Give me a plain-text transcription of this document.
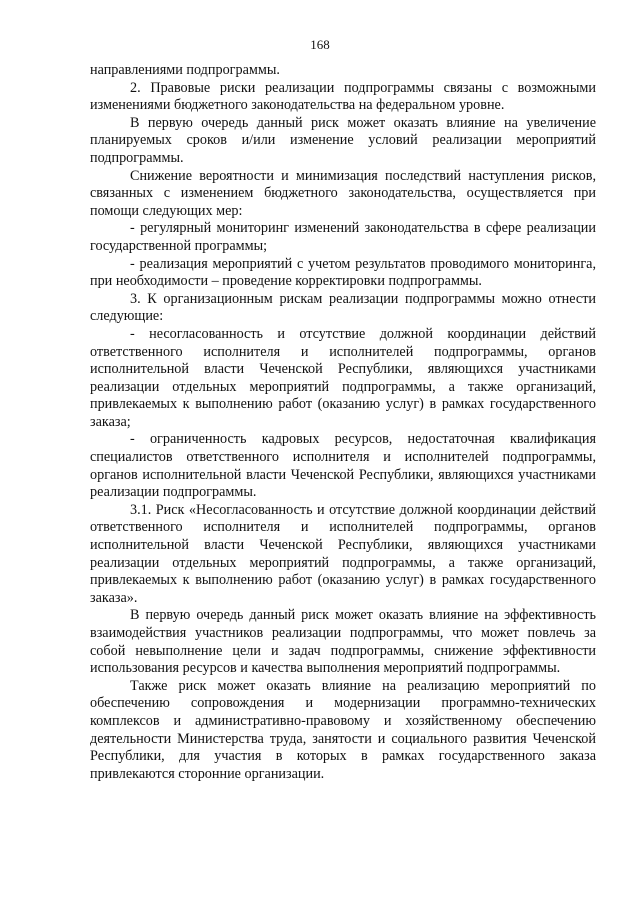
168

направлениями подпрограммы.

2. Правовые риски реализации подпрограммы связаны с возможными изменениями бюджетного законодательства на федеральном уровне.

В первую очередь данный риск может оказать влияние на увеличение планируемых сроков и/или изменение условий реализации мероприятий подпрограммы.

Снижение вероятности и минимизация последствий наступления рисков, связанных с изменением бюджетного законодательства, осуществляется при помощи следующих мер:

- регулярный мониторинг изменений законодательства в сфере реализации государственной программы;

- реализация мероприятий с учетом результатов проводимого мониторинга, при необходимости – проведение корректировки подпрограммы.

3. К организационным рискам реализации подпрограммы можно отнести следующие:

- несогласованность и отсутствие должной координации действий ответственного исполнителя и исполнителей подпрограммы, органов исполнительной власти Чеченской Республики, являющихся участниками реализации отдельных мероприятий подпрограммы, а также организаций, привлекаемых к выполнению работ (оказанию услуг) в рамках государственного заказа;

- ограниченность кадровых ресурсов, недостаточная квалификация специалистов ответственного исполнителя и исполнителей подпрограммы, органов исполнительной власти Чеченской Республики, являющихся участниками реализации подпрограммы.

3.1. Риск «Несогласованность и отсутствие должной координации действий ответственного исполнителя и исполнителей подпрограммы, органов исполнительной власти Чеченской Республики, являющихся участниками реализации отдельных мероприятий подпрограммы, а также организаций, привлекаемых к выполнению работ (оказанию услуг) в рамках государственного заказа».

В первую очередь данный риск может оказать влияние на эффективность взаимодействия участников реализации подпрограммы, что может повлечь за собой невыполнение цели и задач подпрограммы, снижение эффективности использования ресурсов и качества выполнения мероприятий подпрограммы.

Также риск может оказать влияние на реализацию мероприятий по обеспечению сопровождения и модернизации программно-технических комплексов и административно-правовому и хозяйственному обеспечению деятельности Министерства труда, занятости и социального развития Чеченской Республики, для участия в которых в рамках государственного заказа привлекаются сторонние организации.
